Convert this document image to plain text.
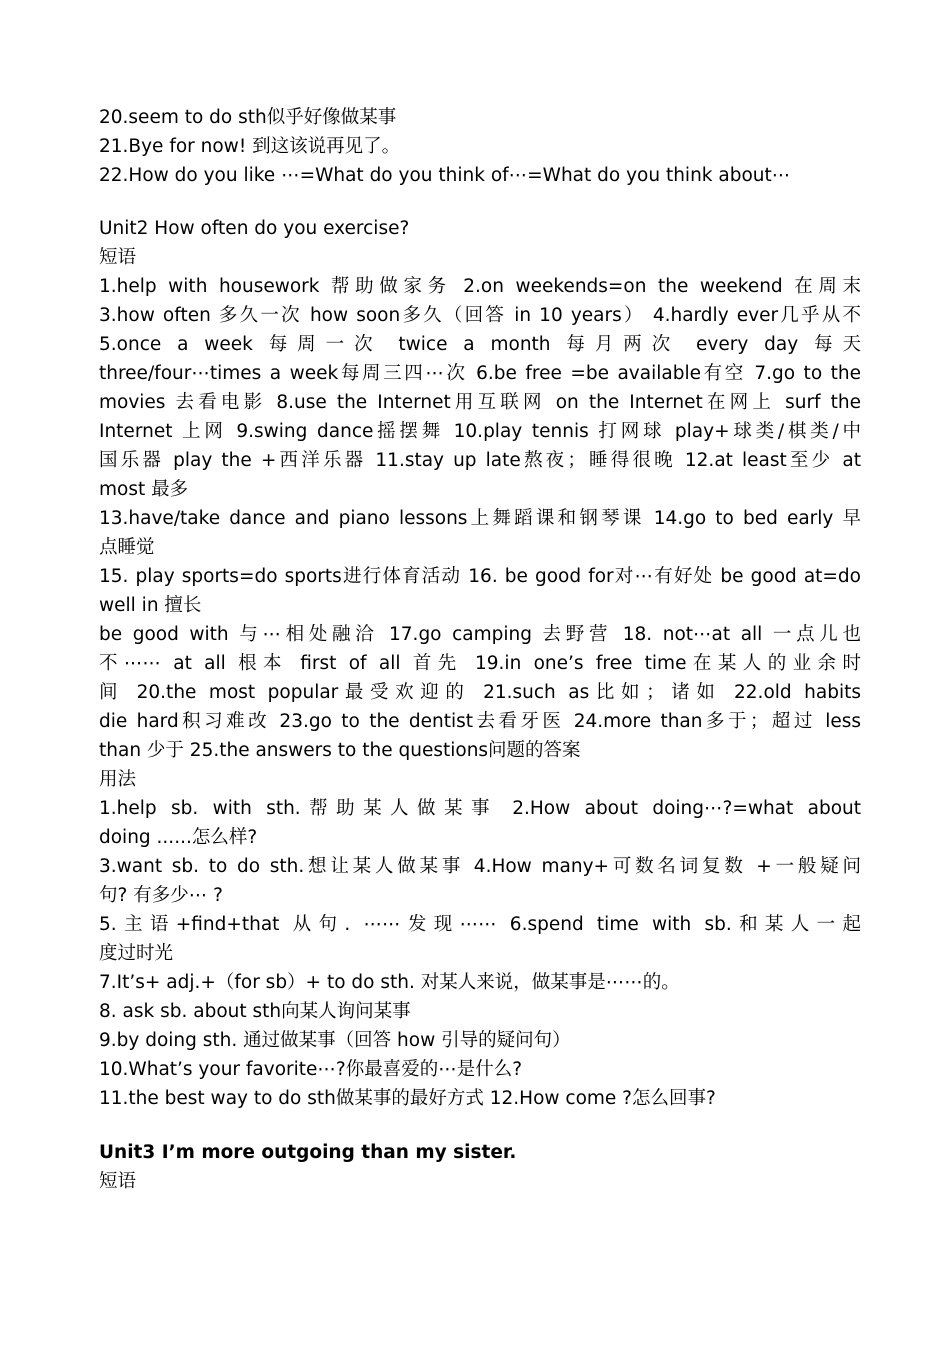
20.seem to do sth似乎好像做某事
21.Bye for now! 到这该说再见了。
22.How do you like ⋯=What do you think of⋯=What do you think about⋯
Unit2 How often do you exercise?
短语
1.help with housework 帮助做家务 2.on weekends=on the weekend 在周末
3.how often 多久一次 how soon多久（回答 in 10 years） 4.hardly ever几乎从不
5.once a week 每周一次 twice a month 每月两次 every day 每天
three/four⋯times a week每周三四⋯次 6.be free =be available有空 7.go to the
movies 去看电影 8.use the Internet用互联网 on the Internet在网上 surf the
Internet 上网 9.swing dance摇摆舞 10.play tennis 打网球 play+球类/棋类/中
国乐器 play the +西洋乐器 11.stay up late熬夜；睡得很晚 12.at least至少 at
most 最多
13.have/take dance and piano lessons上舞蹈课和钢琴课 14.go to bed early 早
点睡觉
15. play sports=do sports进行体育活动 16. be good for对⋯有好处 be good at=do
well in 擅长
be good with 与⋯相处融洽 17.go camping 去野营 18. not⋯at all 一点儿也
不⋯⋯ at all 根本 first of all 首先 19.in one’s free time在某人的业余时
间 20.the most popular最受欢迎的 21.such as比如；诸如 22.old habits
die hard积习难改 23.go to the dentist去看牙医 24.more than多于；超过 less
than 少于 25.the answers to the questions问题的答案
用法
1.help sb. with sth.帮助某人做某事 2.How about doing⋯?=what about
doing ......怎么样?
3.want sb. to do sth.想让某人做某事 4.How many+可数名词复数 +一般疑问
句? 有多少⋯ ?
5.主语+find+that 从句. ⋯⋯发现⋯⋯ 6.spend time with sb.和某人一起
度过时光
7.It’s+ adj.+（for sb）+ to do sth. 对某人来说，做某事是⋯⋯的。
8. ask sb. about sth向某人询问某事
9.by doing sth. 通过做某事（回答 how 引导的疑问句）
10.What’s your favorite⋯?你最喜爱的⋯是什么?
11.the best way to do sth做某事的最好方式 12.How come ?怎么回事?
Unit3 I’m more outgoing than my sister.
短语
